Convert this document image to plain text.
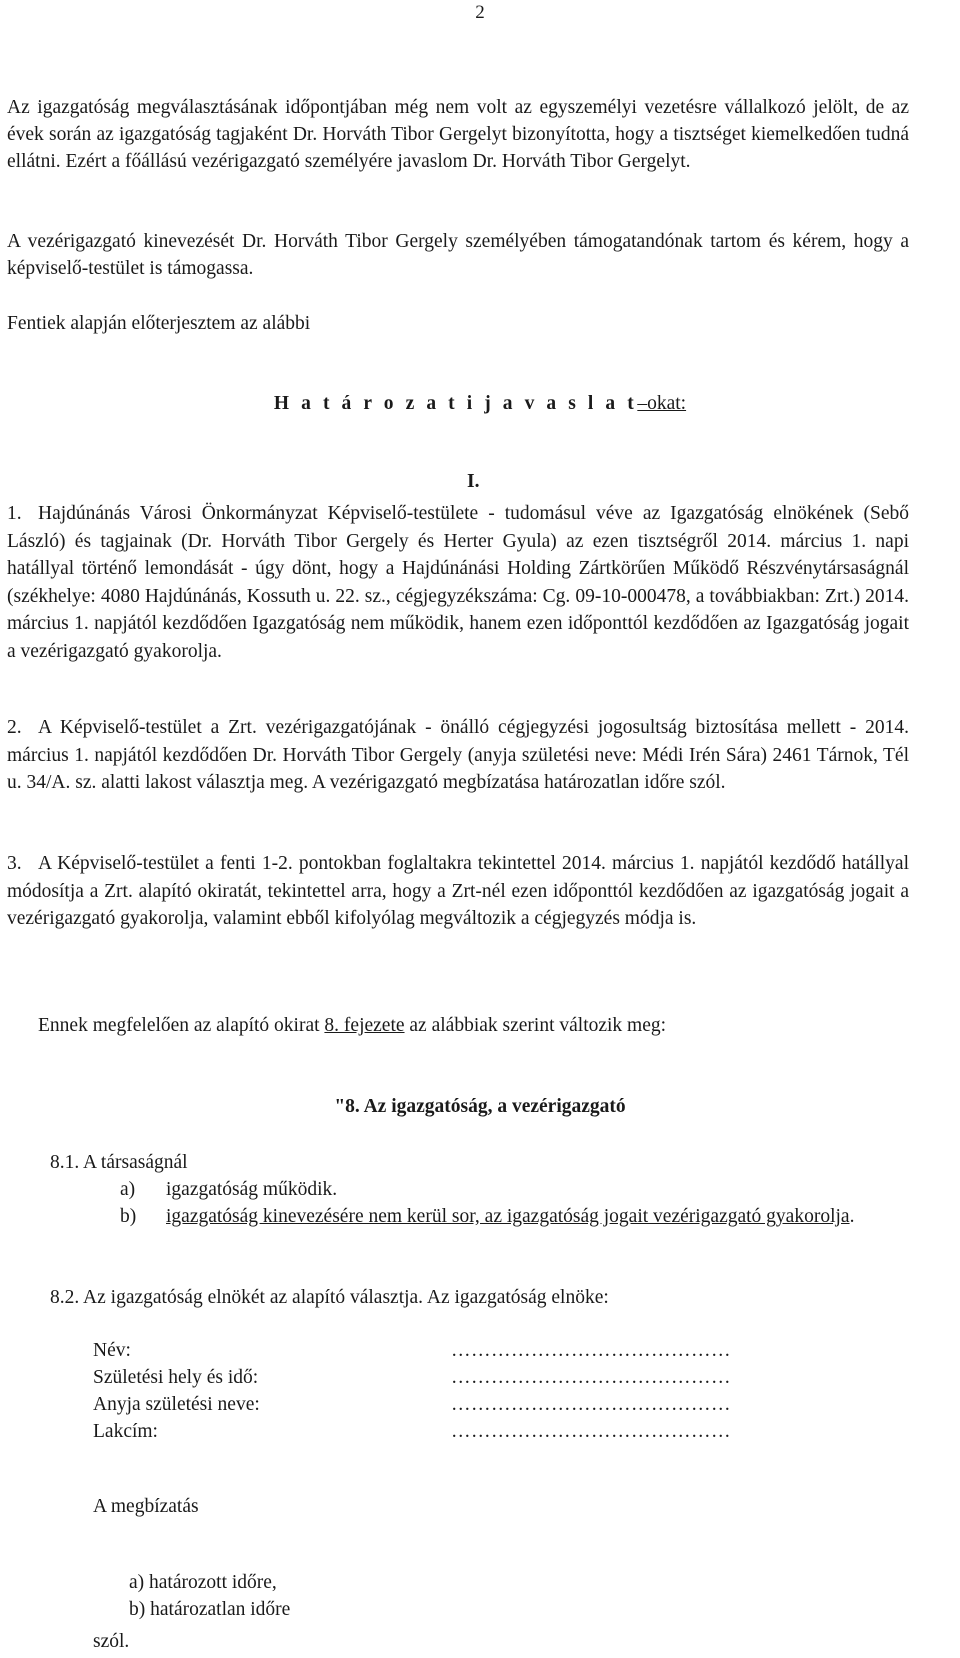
2

Az igazgatóság megválasztásának időpontjában még nem volt az egyszemélyi vezetésre vállalkozó jelölt, de az évek során az igazgatóság tagjaként Dr. Horváth Tibor Gergelyt bizonyította, hogy a tisztséget kiemelkedően tudná ellátni. Ezért a főállású vezérigazgató személyére javaslom Dr. Horváth Tibor Gergelyt.

A vezérigazgató kinevezését Dr. Horváth Tibor Gergely személyében támogatandónak tartom és kérem, hogy a képviselő-testület is támogassa.

Fentiek alapján előterjesztem az alábbi

H a t á r o z a t i j a v a s l a t–okat:
I.

1. Hajdúnánás Városi Önkormányzat Képviselő-testülete - tudomásul véve az Igazgatóság elnökének (Sebő László) és tagjainak (Dr. Horváth Tibor Gergely és Herter Gyula) az ezen tisztségről 2014. március 1. napi hatállyal történő lemondását - úgy dönt, hogy a Hajdúnánási Holding Zártkörűen Működő Részvénytársaságnál (székhelye: 4080 Hajdúnánás, Kossuth u. 22. sz., cégjegyzékszáma: Cg. 09-10-000478, a továbbiakban: Zrt.) 2014. március 1. napjától kezdődően Igazgatóság nem működik, hanem ezen időponttól kezdődően az Igazgatóság jogait a vezérigazgató gyakorolja.

2. A Képviselő-testület a Zrt. vezérigazgatójának - önálló cégjegyzési jogosultság biztosítása mellett - 2014. március 1. napjától kezdődően Dr. Horváth Tibor Gergely (anyja születési neve: Médi Irén Sára) 2461 Tárnok, Tél u. 34/A. sz. alatti lakost választja meg. A vezérigazgató megbízatása határozatlan időre szól.

3. A Képviselő-testület a fenti 1-2. pontokban foglaltakra tekintettel 2014. március 1. napjától kezdődő hatállyal módosítja a Zrt. alapító okiratát, tekintettel arra, hogy a Zrt-nél ezen időponttól kezdődően az igazgatóság jogait a vezérigazgató gyakorolja, valamint ebből kifolyólag megváltozik a cégjegyzés módja is.

Ennek megfelelően az alapító okirat 8. fejezete az alábbiak szerint változik meg:

"8. Az igazgatóság, a vezérigazgató
8.1. A társaságnál
a) igazgatóság működik.
b)	igazgatóság kinevezésére nem kerül sor, az igazgatóság jogait vezérigazgató gyakorolja.
8.2. Az igazgatóság elnökét az alapító választja. Az igazgatóság elnöke:
Név:	……………………………………
Születési hely és idő:	……………………………………
Anyja születési neve:	……………………………………
Lakcím:	……………………………………
A megbízatás
a) határozott időre,
b) határozatlan időre
szól.
